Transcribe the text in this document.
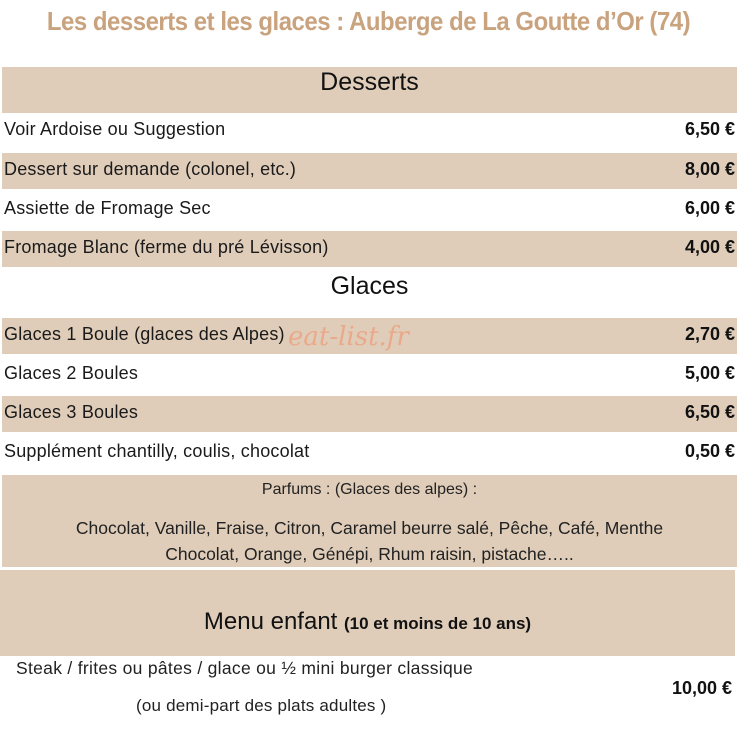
Les desserts et les glaces : Auberge de La Goutte d’Or (74)
Desserts
Voir Ardoise ou Suggestion	6,50 €
Dessert sur demande (colonel, etc.)	8,00 €
Assiette de Fromage Sec	6,00 €
Fromage Blanc (ferme du pré Lévisson)	4,00 €
Glaces
Glaces 1 Boule (glaces des Alpes)	2,70 €
Glaces 2 Boules	5,00 €
Glaces 3 Boules	6,50 €
Supplément chantilly, coulis, chocolat	0,50 €
Parfums : (Glaces des alpes) :
Chocolat, Vanille, Fraise, Citron, Caramel beurre salé, Pêche, Café, Menthe
Chocolat, Orange, Génépi, Rhum raisin, pistache…..
Menu enfant (10 et moins de 10 ans)
Steak / frites ou pâtes / glace ou ½ mini burger classique
(ou demi-part des plats adultes )
10,00 €
eat-list.fr
